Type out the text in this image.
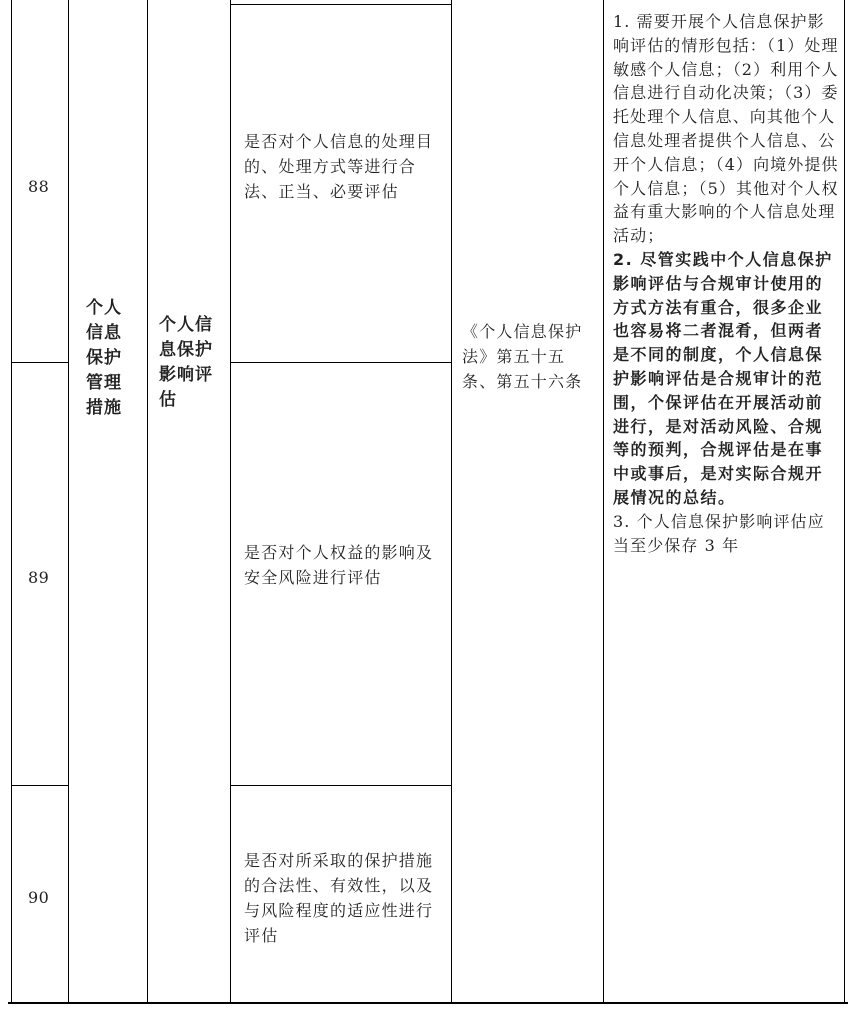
88
89
90
个人信息保护管理措施
个人信息保护影响评估
是否对个人信息的处理目的、处理方式等进行合法、正当、必要评估
是否对个人权益的影响及安全风险进行评估
是否对所采取的保护措施的合法性、有效性，以及与风险程度的适应性进行评估
《个人信息保护法》第五十五条、第五十六条

1. 需要开展个人信息保护影响评估的情形包括：（1）处理敏感个人信息；（2）利用个人信息进行自动化决策；（3）委托处理个人信息、向其他个人信息处理者提供个人信息、公开个人信息；（4）向境外提供个人信息；（5）其他对个人权益有重大影响的个人信息处理活动；

2. 尽管实践中个人信息保护影响评估与合规审计使用的方式方法有重合，很多企业也容易将二者混肴，但两者是不同的制度，个人信息保护影响评估是合规审计的范围，个保评估在开展活动前进行，是对活动风险、合规等的预判，合规评估是在事中或事后，是对实际合规开展情况的总结。

3. 个人信息保护影响评估应当至少保存 3 年
